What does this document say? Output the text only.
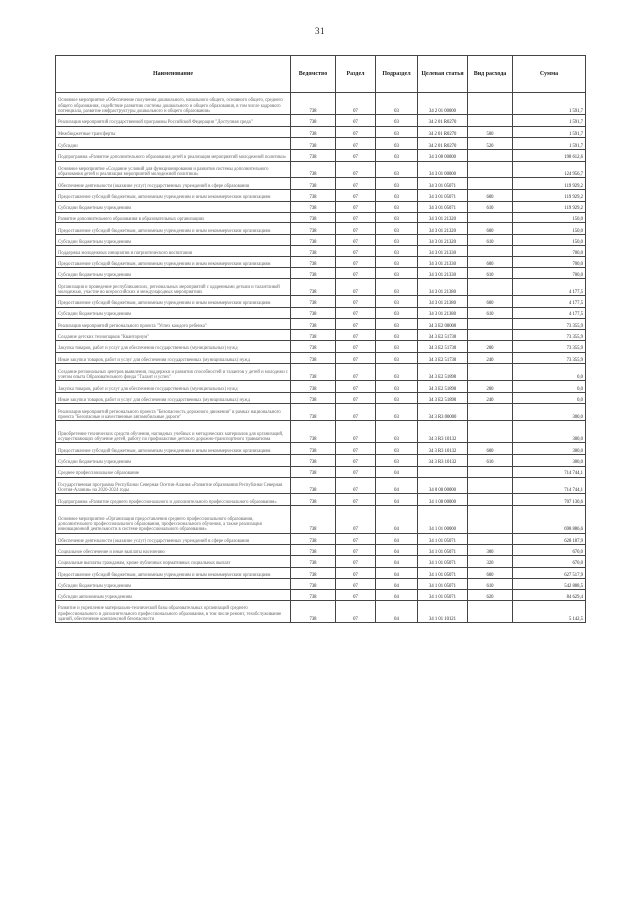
31
Наименование	Ведомство	Раздел	Подраздел	Целевая статья	Вид расхода	Сумма
Основное мероприятие «Обеспечение получения дошкольного, начального общего, основного общего, среднего общего образования, содействие развитию системы дошкольного и общего образования, в том числе кадрового потенциала, развитие инфраструктуры дошкольного и общего образования»	738	07	03	34 2 01 00000		1 591,7
Реализация мероприятий государственной программы Российской Федерации "Доступная среда"	738	07	03	34 2 01 R0270		1 591,7
Межбюджетные трансферты	738	07	03	34 2 01 R0270	500	1 591,7
Субсидии	738	07	03	34 2 01 R0270	520	1 591,7
Подпрограмма «Развитие дополнительного образования детей и реализация мероприятий молодежной политики»	738	07	03	34 3 00 00000		198 612,6
Основное мероприятие «Создание условий для функционирования и развития системы дополнительного образования детей и реализация мероприятий молодежной политики»	738	07	03	34 3 01 00000		124 956,7
Обеспечение деятельности (оказание услуг) государственных учреждений в сфере образования	738	07	03	34 3 01 05071		119 929,2
Предоставление субсидий бюджетным, автономным учреждениям и иным некоммерческим организациям	738	07	03	34 3 01 05071	600	119 929,2
Субсидии бюджетным учреждениям	738	07	03	34 3 01 05071	610	119 929,2
Развитие дополнительного образования в образовательных организациях	738	07	03	34 3 01 21320		150,0
Предоставление субсидий бюджетным, автономным учреждениям и иным некоммерческим организациям	738	07	03	34 3 01 21320	600	150,0
Субсидии бюджетным учреждениям	738	07	03	34 3 01 21320	610	150,0
Поддержка молодежных инициатив и патриотического воспитания	738	07	03	34 3 01 21330		700,0
Предоставление субсидий бюджетным, автономным учреждениям и иным некоммерческим организациям	738	07	03	34 3 01 21330	600	700,0
Субсидии бюджетным учреждениям	738	07	03	34 3 01 21330	610	700,0
Организация и проведение республиканских, региональных мероприятий с одаренными детьми и талантливой молодежью, участие во всероссийских и международных мероприятиях	738	07	03	34 3 01 21380		4 177,5
Предоставление субсидий бюджетным, автономным учреждениям и иным некоммерческим организациям	738	07	03	34 3 01 21380	600	4 177,5
Субсидии бюджетным учреждениям	738	07	03	34 3 01 21380	610	4 177,5
Реализация мероприятий регионального проекта "Успех каждого ребенка"	738	07	03	34 3 E2 00000		73 355,9
Создание детских технопарков "Кванториум"	738	07	03	34 3 E2 51730		73 355,9
Закупка товаров, работ и услуг для обеспечения государственных (муниципальных) нужд	738	07	03	34 3 E2 51730	200	73 355,9
Иные закупки товаров, работ и услуг для обеспечения государственных (муниципальных) нужд	738	07	03	34 3 E2 51730	240	73 355,9
Создание региональных центров выявления, поддержки и развития способностей и талантов у детей и молодежи с учетом опыта Образовательного фонда "Талант и успех"	738	07	03	34 3 E2 51890		0,0
Закупка товаров, работ и услуг для обеспечения государственных (муниципальных) нужд	738	07	03	34 3 E2 51890	200	0,0
Иные закупки товаров, работ и услуг для обеспечения государственных (муниципальных) нужд	738	07	03	34 3 E2 51890	240	0,0
Реализация мероприятий регионального проекта "Безопасность дорожного движения" в рамках национального проекта "Безопасные и качественные автомобильные дороги"	738	07	03	34 3 R3 00000		300,0
Приобретение технических средств обучения, наглядных учебных и методических материалов для организаций, осуществляющих обучение детей, работу по профилактике детского дорожно-транспортного травматизма	738	07	03	34 3 R3 10132		300,0
Предоставление субсидий бюджетным, автономным учреждениям и иным некоммерческим организациям	738	07	03	34 3 R3 10132	600	300,0
Субсидии бюджетным учреждениям	738	07	03	34 3 R3 10132	610	300,0
Среднее профессиональное образование	738	07	04			714 744,1
Государственная программа Республики Северная Осетия-Алания «Развитие образования Республики Северная Осетия-Алания» на 2020-2024 годы	738	07	04	34 0 00 00000		714 744,1
Подпрограмма «Развитие среднего профессионального и дополнительного профессионального образования»	738	07	04	34 1 00 00000		707 130,6
Основное мероприятие «Организация предоставления среднего профессионального образования, дополнительного профессионального образования, профессионального обучения, а также реализация инновационной деятельности в системе профессионального образования»	738	07	04	34 1 01 00000		698 886,6
Обеспечение деятельности (оказание услуг) государственных учреждений в сфере образования	738	07	04	34 1 01 05071		628 187,9
Социальное обеспечение и иные выплаты населению	738	07	04	34 1 01 05071	300	670,0
Социальные выплаты гражданам, кроме публичных нормативных социальных выплат	738	07	04	34 1 01 05071	320	670,0
Предоставление субсидий бюджетным, автономным учреждениям и иным некоммерческим организациям	738	07	04	34 1 01 05071	600	627 517,9
Субсидии бюджетным учреждениям	738	07	04	34 1 01 05071	610	542 888,5
Субсидии автономным учреждениям	738	07	04	34 1 01 05071	620	84 629,4
Развитие и укрепление материально-технической базы образовательных организаций среднего профессионального и дополнительного профессионального образования, в том числе ремонт, техобслуживание зданий, обеспечение комплексной безопасности	738	07	04	34 1 01 10121		5 142,5
